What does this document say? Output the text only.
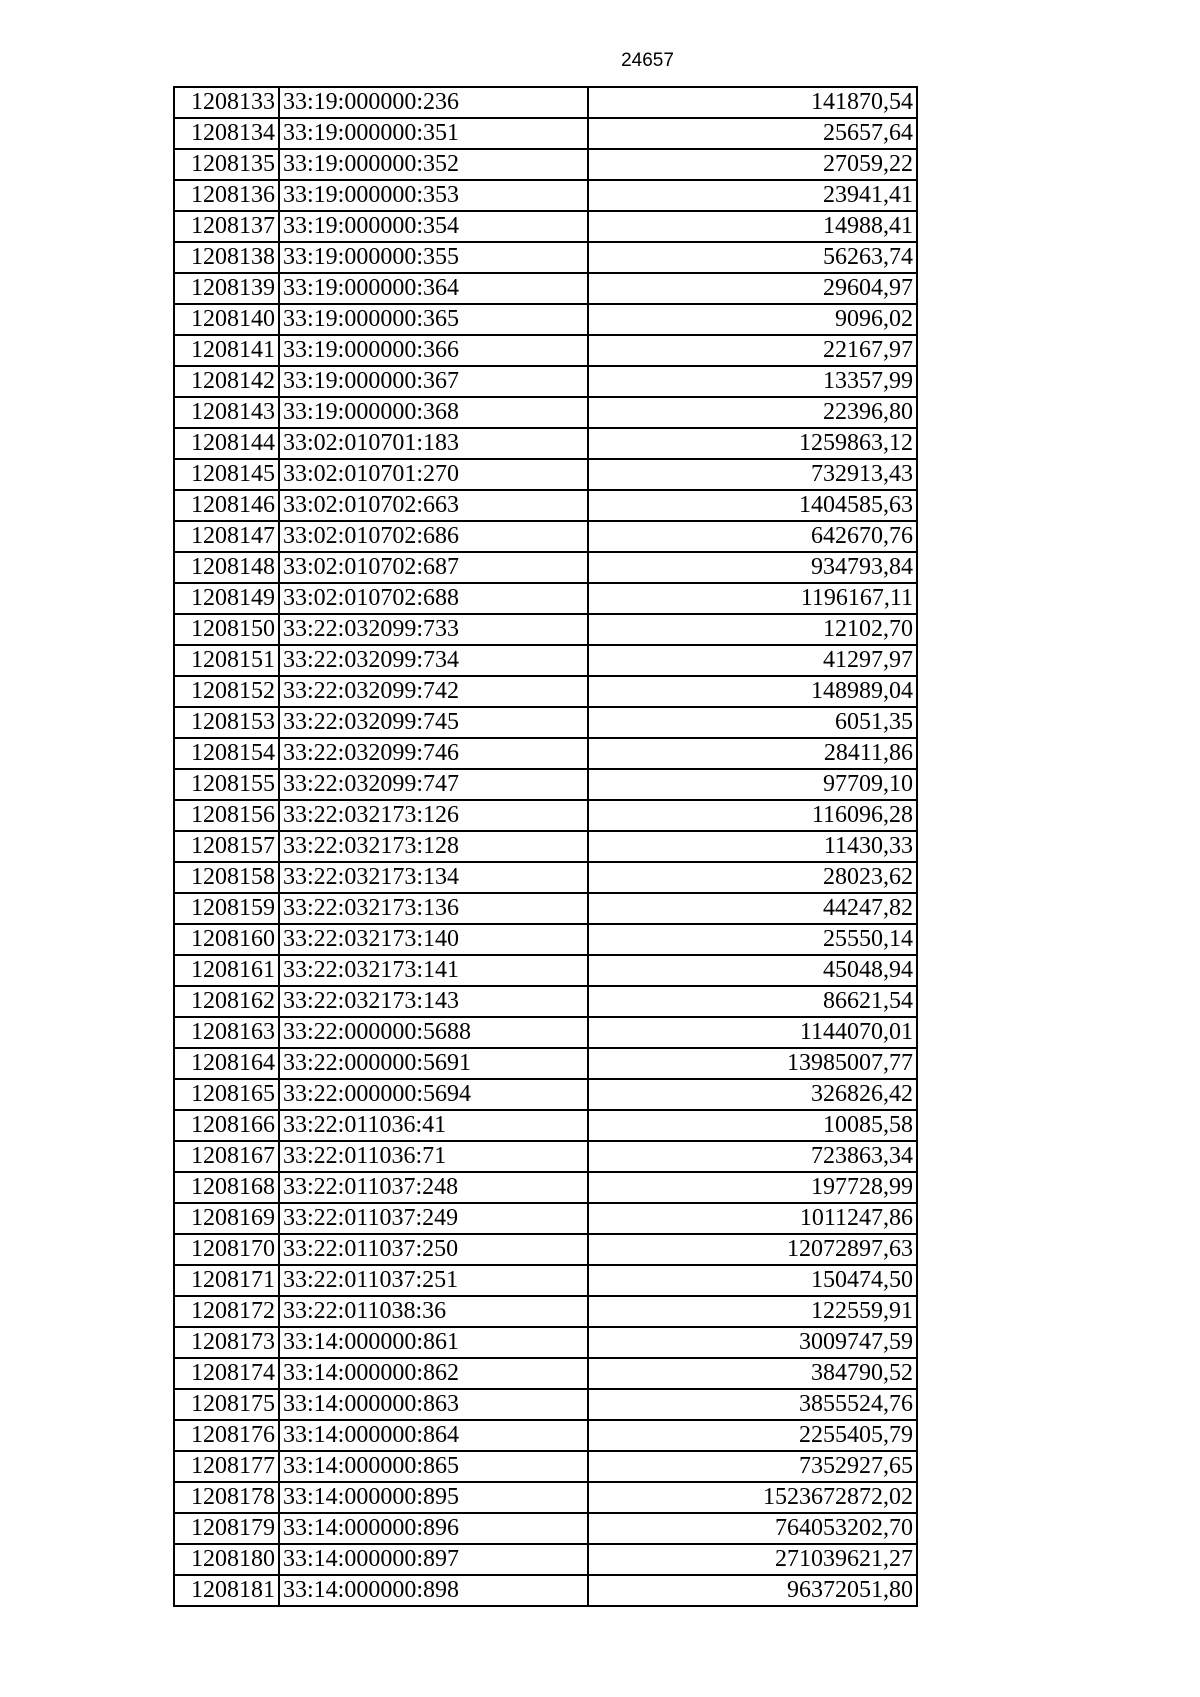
24657
1208133	33:19:000000:236	141870,54
1208134	33:19:000000:351	25657,64
1208135	33:19:000000:352	27059,22
1208136	33:19:000000:353	23941,41
1208137	33:19:000000:354	14988,41
1208138	33:19:000000:355	56263,74
1208139	33:19:000000:364	29604,97
1208140	33:19:000000:365	9096,02
1208141	33:19:000000:366	22167,97
1208142	33:19:000000:367	13357,99
1208143	33:19:000000:368	22396,80
1208144	33:02:010701:183	1259863,12
1208145	33:02:010701:270	732913,43
1208146	33:02:010702:663	1404585,63
1208147	33:02:010702:686	642670,76
1208148	33:02:010702:687	934793,84
1208149	33:02:010702:688	1196167,11
1208150	33:22:032099:733	12102,70
1208151	33:22:032099:734	41297,97
1208152	33:22:032099:742	148989,04
1208153	33:22:032099:745	6051,35
1208154	33:22:032099:746	28411,86
1208155	33:22:032099:747	97709,10
1208156	33:22:032173:126	116096,28
1208157	33:22:032173:128	11430,33
1208158	33:22:032173:134	28023,62
1208159	33:22:032173:136	44247,82
1208160	33:22:032173:140	25550,14
1208161	33:22:032173:141	45048,94
1208162	33:22:032173:143	86621,54
1208163	33:22:000000:5688	1144070,01
1208164	33:22:000000:5691	13985007,77
1208165	33:22:000000:5694	326826,42
1208166	33:22:011036:41	10085,58
1208167	33:22:011036:71	723863,34
1208168	33:22:011037:248	197728,99
1208169	33:22:011037:249	1011247,86
1208170	33:22:011037:250	12072897,63
1208171	33:22:011037:251	150474,50
1208172	33:22:011038:36	122559,91
1208173	33:14:000000:861	3009747,59
1208174	33:14:000000:862	384790,52
1208175	33:14:000000:863	3855524,76
1208176	33:14:000000:864	2255405,79
1208177	33:14:000000:865	7352927,65
1208178	33:14:000000:895	1523672872,02
1208179	33:14:000000:896	764053202,70
1208180	33:14:000000:897	271039621,27
1208181	33:14:000000:898	96372051,80
